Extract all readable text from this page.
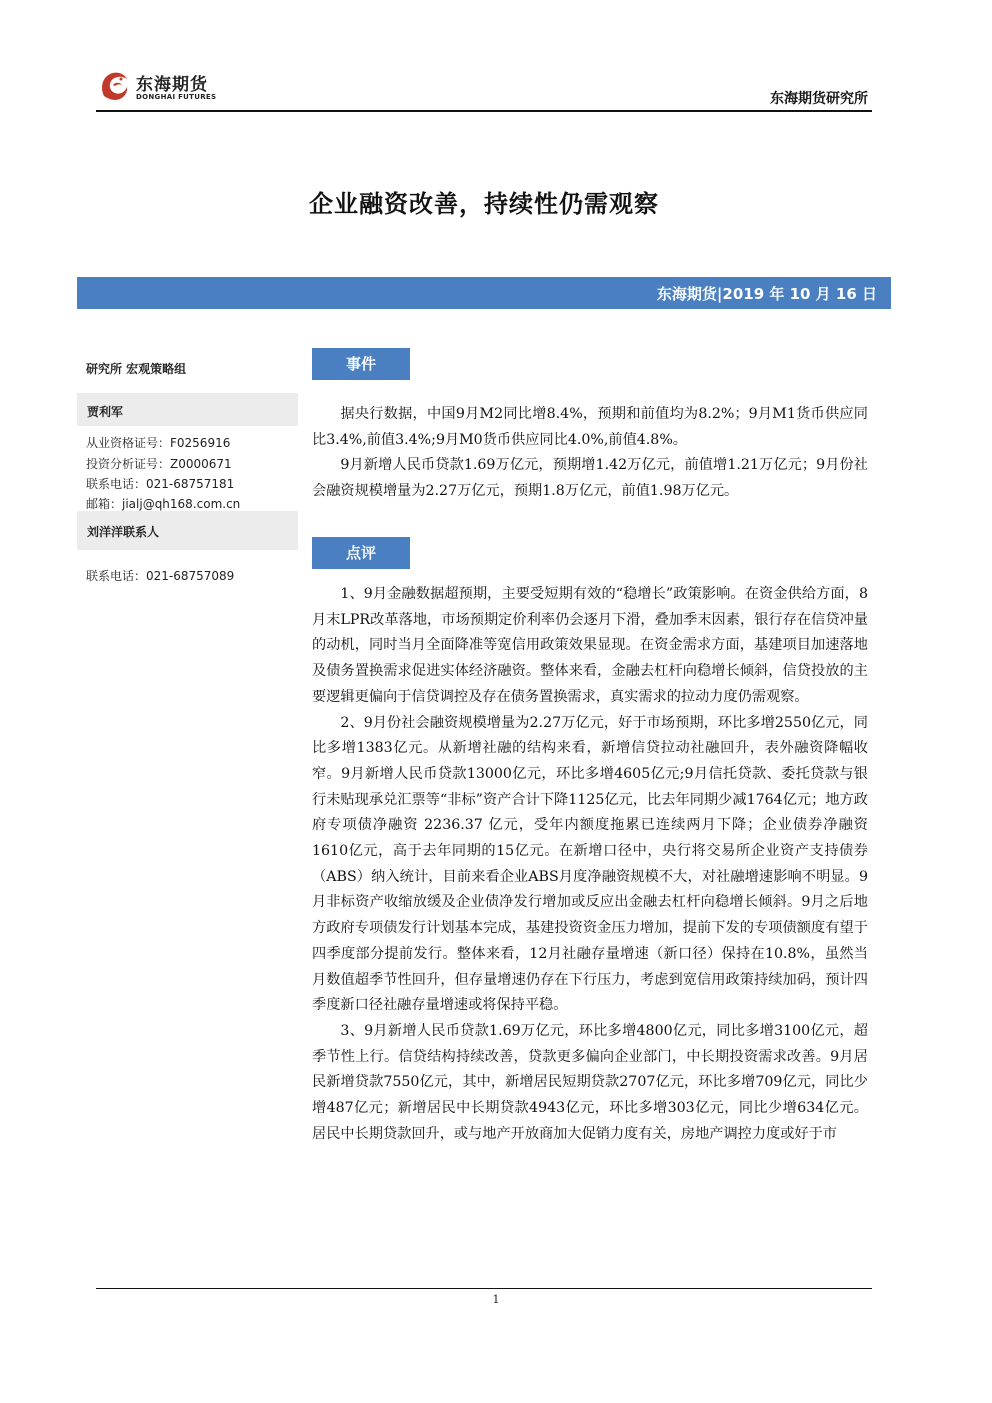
东海期货
DONGHAI FUTURES	东海期货研究所
企业融资改善，持续性仍需观察
东海期货|2019 年 10 月 16 日
研究所 宏观策略组
贾利军
从业资格证号：F0256916
投资分析证号：Z0000671
联系电话：021-68757181
邮箱：jialj@qh168.com.cn
刘洋洋联系人
联系电话：021-68757089
事件

据央行数据，中国9月M2同比增8.4%，预期和前值均为8.2%；9月M1货币供应同比3.4%,前值3.4%;9月M0货币供应同比4.0%,前值4.8%。

9月新增人民币贷款1.69万亿元，预期增1.42万亿元，前值增1.21万亿元；9月份社会融资规模增量为2.27万亿元，预期1.8万亿元，前值1.98万亿元。

点评

1、9月金融数据超预期，主要受短期有效的“稳增长”政策影响。在资金供给方面，8月末LPR改革落地，市场预期定价利率仍会逐月下滑，叠加季末因素，银行存在信贷冲量的动机，同时当月全面降准等宽信用政策效果显现。在资金需求方面，基建项目加速落地及债务置换需求促进实体经济融资。整体来看，金融去杠杆向稳增长倾斜，信贷投放的主要逻辑更偏向于信贷调控及存在债务置换需求，真实需求的拉动力度仍需观察。

2、9月份社会融资规模增量为2.27万亿元，好于市场预期，环比多增2550亿元，同比多增1383亿元。从新增社融的结构来看，新增信贷拉动社融回升，表外融资降幅收窄。9月新增人民币贷款13000亿元，环比多增4605亿元;9月信托贷款、委托贷款与银行未贴现承兑汇票等“非标”资产合计下降1125亿元，比去年同期少减1764亿元；地方政府专项债净融资 2236.37 亿元，受年内额度拖累已连续两月下降；企业债券净融资1610亿元，高于去年同期的15亿元。在新增口径中，央行将交易所企业资产支持债券（ABS）纳入统计，目前来看企业ABS月度净融资规模不大，对社融增速影响不明显。9月非标资产收缩放缓及企业债净发行增加或反应出金融去杠杆向稳增长倾斜。9月之后地方政府专项债发行计划基本完成，基建投资资金压力增加，提前下发的专项债额度有望于四季度部分提前发行。整体来看，12月社融存量增速（新口径）保持在10.8%，虽然当月数值超季节性回升，但存量增速仍存在下行压力，考虑到宽信用政策持续加码，预计四季度新口径社融存量增速或将保持平稳。

3、9月新增人民币贷款1.69万亿元，环比多增4800亿元，同比多增3100亿元，超季节性上行。信贷结构持续改善，贷款更多偏向企业部门，中长期投资需求改善。9月居民新增贷款7550亿元，其中，新增居民短期贷款2707亿元，环比多增709亿元，同比少增487亿元；新增居民中长期贷款4943亿元，环比多增303亿元，同比少增634亿元。居民中长期贷款回升，或与地产开放商加大促销力度有关，房地产调控力度或好于市

1
